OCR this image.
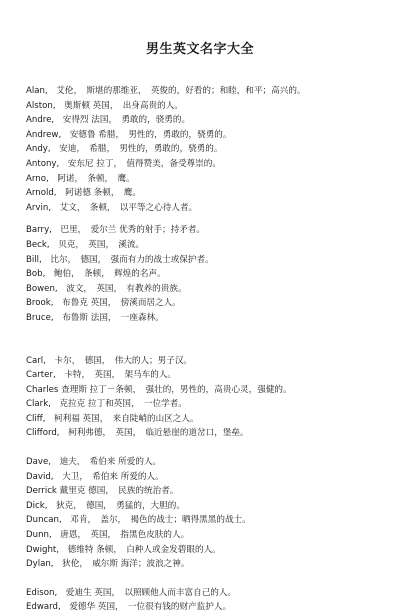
男生英文名字大全
Alan,　艾伦，　斯堪的那维亚，　英俊的，好看的；和睦，和平；高兴的。
Alston,　奥斯顿 英国，　出身高贵的人。
Andre,　安得烈 法国，　勇敢的，骁勇的。
Andrew,　安德鲁 希腊，　男性的，勇敢的，骁勇的。
Andy,　安迪，　希腊，　男性的，勇敢的，骁勇的。
Antony,　安东尼 拉丁，　值得赞美，备受尊崇的。
Arno,　阿诺，　条顿，　鹰。
Arnold,　阿诺德 条顿，　鹰。
Arvin,　艾文，　条顿，　以平等之心待人者。
Barry,　巴里，　爱尔兰 优秀的射手；持矛者。
Beck,　贝克，　英国，　溪流。
Bill,　比尔，　德国，　强而有力的战士或保护者。
Bob,　鲍伯，　条顿，　辉煌的名声。
Bowen,　波文，　英国，　有教养的贵族。
Brook,　布鲁克 英国，　傍溪而居之人。
Bruce,　布鲁斯 法国，　一座森林。
Carl,　卡尔，　德国，　伟大的人；男子汉。
Carter,　卡特，　英国，　架马车的人。
Charles 查理斯 拉丁－条顿，　强壮的，男性的，高贵心灵，强健的。
Clark,　克拉克 拉丁和英国，　一位学者。
Cliff,　柯利福 英国，　来自陡峭的山区之人。
Clifford,　柯利弗德，　英国，　临近悬崖的道岔口，堡垒。
Dave,　迪夫，　希伯来 所爱的人。
David,　大卫，　希伯来 所爱的人。
Derrick 戴里克 德国，　民族的统治者。
Dick,　狄克，　德国，　勇猛的，大胆的。
Duncan,　邓肯，　盖尔，　褐色的战士；晒得黑黑的战士。
Dunn,　唐恩，　英国，　指黑色皮肤的人。
Dwight,　德维特 条顿，　白种人或金发碧眼的人。
Dylan,　狄伦，　威尔斯 海洋；波浪之神。
Edison,　爱迪生 英国，　以照顾他人而丰富自己的人。
Edward,　爱德华 英国，　一位很有钱的财产监护人。
